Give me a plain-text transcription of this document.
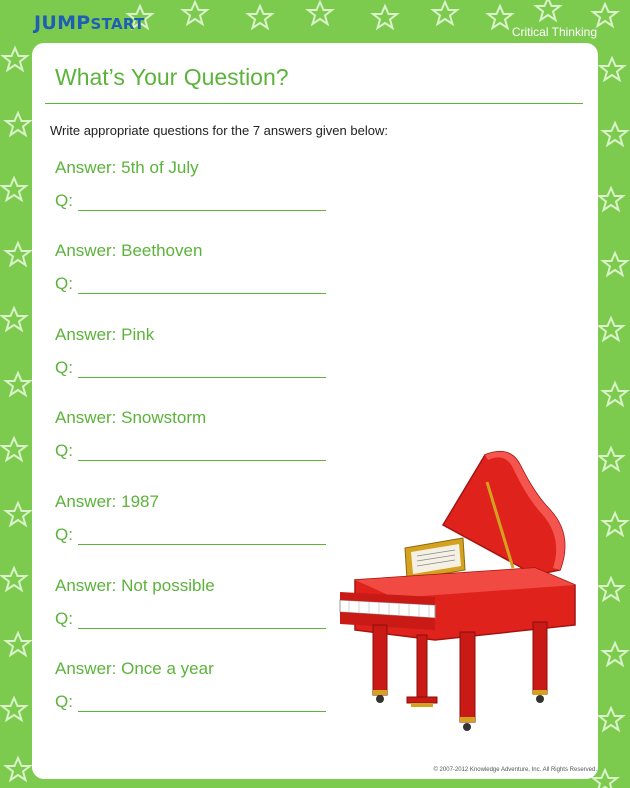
JUMPSTART	Critical Thinking
What’s Your Question?
Write appropriate questions for the 7 answers given below:
Answer: 5th of July
Q:
Answer: Beethoven
Q:
Answer: Pink
Q:
Answer: Snowstorm
Q:
Answer: 1987
Q:
Answer: Not possible
Q:
Answer: Once a year
Q:
© 2007-2012 Knowledge Adventure, Inc. All Rights Reserved.
